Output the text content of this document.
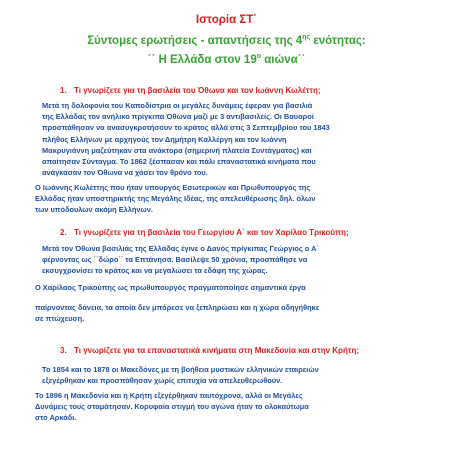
Ιστορία ΣΤ΄
Σύντομες ερωτήσεις - απαντήσεις της $4^{\eta\varsigma}$ ενότητας:
΄΄ Η Ελλάδα στον $19^o$ αιώνα΄΄
1. Τι γνωρίζετε για τη βασιλεία του Όθωνα και τον Ιωάννη Κωλέττη;
Μετά τη δολοφονία του Καποδίστρια οι μεγάλες δυνάμεις έφεραν για βασιλιά
της Ελλάδας τον ανήλικο πρίγκιπα Όθωνα μαζί με 3 αντιβασιλείς. Οι Βαυαροί
προσπάθησαν να ανασυγκροτήσουν το κράτος αλλά στις 3 Σεπτεμβρίου του 1843
πλήθος Ελλήνων με αρχηγούς τον Δημήτρη Καλλέργη και τον Ιωάννη
Μακρυγιάννη μαζεύτηκαν στα ανάκτορα (σημερινή πλατεία Συντάγματος) και
απαίτησαν Σύνταγμα. Το 1862 ξέσπασαν και πάλι επαναστατικά κινήματα που
ανάγκασαν τον Όθωνα να χάσει τον θρόνο του.
Ο Ιωάννης Κωλέττης που ήταν υπουργός Εσωτερικών και Πρωθυπουργός της
Ελλάδας ήταν υποστηρικτής της Μεγάλης Ιδέας, της απελευθέρωσης δηλ. όλων
των υπόδουλων ακόμη Ελλήνων.
2. Τι γνωρίζετε για τη βασιλεία του Γεωργίου Α΄ και τον Χαρίλαο Τρικούπη;
Μετά τον Όθωνα βασιλιάς της Ελλάδας έγινε ο Δανός πρίγκιπας Γεώργιος ο Α΄
φέρνοντας ως ΄΄δώρο΄΄ τα Επτάνησα. Βασίλεψε 50 χρόνια, προσπάθησε να
εκσυγχρονίσει το κράτος και να μεγαλώσει τα εδάφη της χώρας.
Ο Χαρίλαος Τρικούπης ως πρωθυπουργός πραγματοποίησε σημαντικά έργα
παίρνοντας δάνεια, τα οποία δεν μπόρεσε να ξεπληρώσει και η χώρα οδηγήθηκε
σε πτώχευση.
3. Τι γνωρίζετε για τα επαναστατικά κινήματα στη Μακεδονία και στην Κρήτη;
Το 1854 και το 1878 οι Μακεδόνες με τη βοήθεια μυστικών ελληνικών εταιρειών
εξεγέρθηκαν και προσπάθησαν χωρίς επιτυχία να απελευθερωθούν.
Το 1896 η Μακεδονία και η Κρήτη εξεγέρθηκαν ταυτόχρονα, αλλά οι Μεγάλες
Δυνάμεις τους σταμάτησαν. Κορυφαία στιγμή του αγώνα ήταν το ολοκαύτωμα
στο Αρκάδι.
